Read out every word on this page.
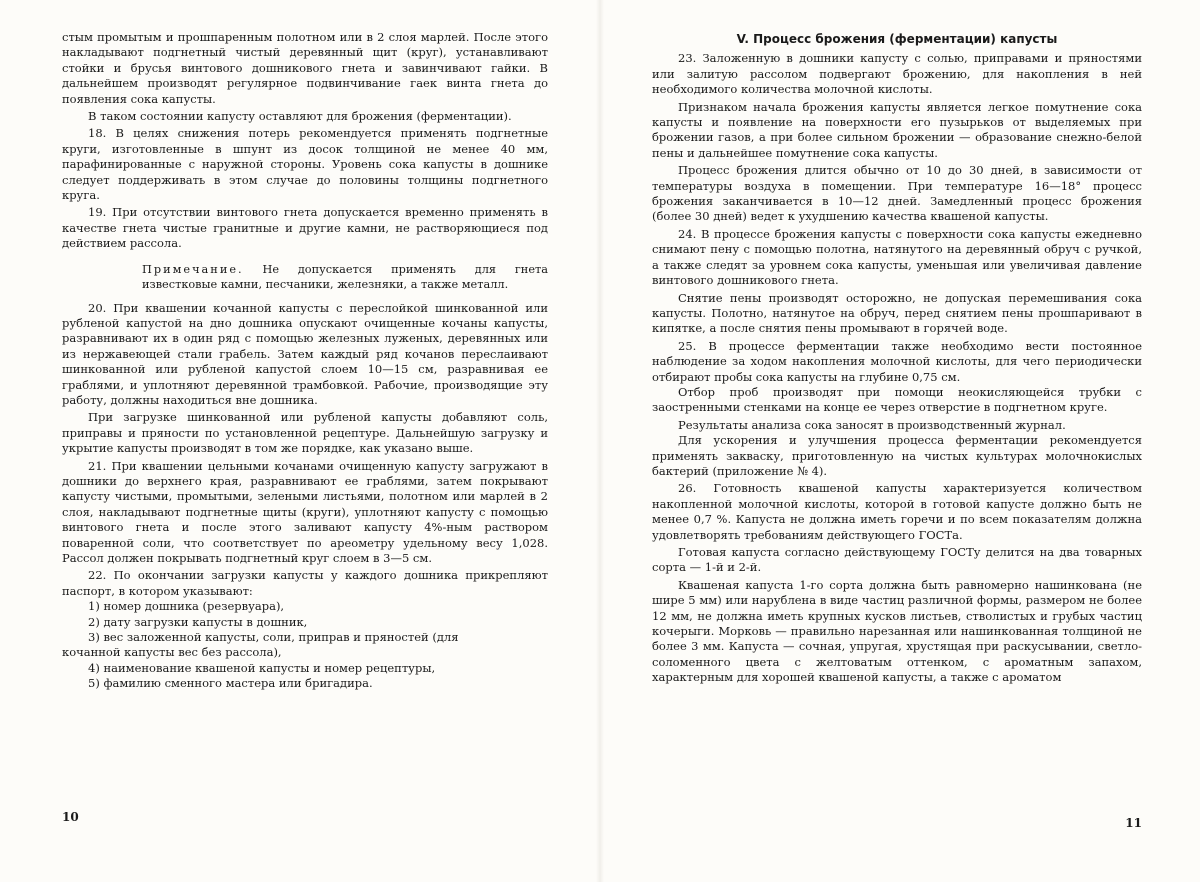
стым промытым и прошпаренным полотном или в 2 слоя марлей. После этого накладывают подгнетный чистый деревянный щит (круг), устанавливают стойки и брусья винтового дошникового гнета и завинчивают гайки. В дальнейшем производят регулярное подвинчивание гаек винта гнета до появления сока капусты.

В таком состоянии капусту оставляют для брожения (ферментации).

18. В целях снижения потерь рекомендуется применять подгнетные круги, изготовленные в шпунт из досок толщиной не менее 40 мм, парафинированные с наружной стороны. Уровень сока капусты в дошнике следует поддерживать в этом случае до половины толщины подгнетного круга.

19. При отсутствии винтового гнета допускается временно применять в качестве гнета чистые гранитные и другие камни, не растворяющиеся под действием рассола.

Примечание. Не допускается применять для гнета известковые камни, песчаники, железняки, а также металл.

20. При квашении кочанной капусты с переслойкой шинкованной или рубленой капустой на дно дошника опускают очищенные кочаны капусты, разравнивают их в один ряд с помощью железных луженых, деревянных или из нержавеющей стали грабель. Затем каждый ряд кочанов переслаивают шинкованной или рубленой капустой слоем 10—15 см, разравнивая ее граблями, и уплотняют деревянной трамбовкой. Рабочие, производящие эту работу, должны находиться вне дошника.

При загрузке шинкованной или рубленой капусты добавляют соль, приправы и пряности по установленной рецептуре. Дальнейшую загрузку и укрытие капусты производят в том же порядке, как указано выше.

21. При квашении цельными кочанами очищенную капусту загружают в дошники до верхнего края, разравнивают ее граблями, затем покрывают капусту чистыми, промытыми, зелеными листьями, полотном или марлей в 2 слоя, накладывают подгнетные щиты (круги), уплотняют капусту с помощью винтового гнета и после этого заливают капусту 4%-ным раствором поваренной соли, что соответствует по ареометру удельному весу 1,028. Рассол должен покрывать подгнетный круг слоем в 3—5 см.

22. По окончании загрузки капусты у каждого дошника прикрепляют паспорт, в котором указывают:

1) номер дошника (резервуара),

2) дату загрузки капусты в дошник,

3) вес заложенной капусты, соли, приправ и пряностей (для

кочанной капусты вес без рассола),

4) наименование квашеной капусты и номер рецептуры,

5) фамилию сменного мастера или бригадира.

10
V. Процесс брожения (ферментации) капусты

23. Заложенную в дошники капусту с солью, приправами и пряностями или залитую рассолом подвергают брожению, для накопления в ней необходимого количества молочной кислоты.

Признаком начала брожения капусты является легкое помутнение сока капусты и появление на поверхности его пузырьков от выделяемых при брожении газов, а при более сильном брожении — образование снежно-белой пены и дальнейшее помутнение сока капусты.

Процесс брожения длится обычно от 10 до 30 дней, в зависимости от температуры воздуха в помещении. При температуре 16—18° процесс брожения заканчивается в 10—12 дней. Замедленный процесс брожения (более 30 дней) ведет к ухудшению качества квашеной капусты.

24. В процессе брожения капусты с поверхности сока капусты ежедневно снимают пену с помощью полотна, натянутого на деревянный обруч с ручкой, а также следят за уровнем сока капусты, уменьшая или увеличивая давление винтового дошникового гнета.

Снятие пены производят осторожно, не допуская перемешивания сока капусты. Полотно, натянутое на обруч, перед снятием пены прошпаривают в кипятке, а после снятия пены промывают в горячей воде.

25. В процессе ферментации также необходимо вести постоянное наблюдение за ходом накопления молочной кислоты, для чего периодически отбирают пробы сока капусты на глубине 0,75 см.

Отбор проб производят при помощи неокисляющейся трубки с заостренными стенками на конце ее через отверстие в подгнетном круге.

Результаты анализа сока заносят в производственный журнал.

Для ускорения и улучшения процесса ферментации рекомендуется применять закваску, приготовленную на чистых культурах молочнокислых бактерий (приложение № 4).

26. Готовность квашеной капусты характеризуется количеством накопленной молочной кислоты, которой в готовой капусте должно быть не менее 0,7 %. Капуста не должна иметь горечи и по всем показателям должна удовлетворять требованиям действующего ГОСТа.

Готовая капуста согласно действующему ГОСТу делится на два товарных сорта — 1-й и 2-й.

Квашеная капуста 1-го сорта должна быть равномерно нашинкована (не шире 5 мм) или нарублена в виде частиц различной формы, размером не более 12 мм, не должна иметь крупных кусков листьев, стволистых и грубых частиц кочерыги. Морковь — правильно нарезанная или нашинкованная толщиной не более 3 мм. Капуста — сочная, упругая, хрустящая при раскусывании, светло-соломенного цвета с желтоватым оттенком, с ароматным запахом, характерным для хорошей квашеной капусты, а также с ароматом

11
